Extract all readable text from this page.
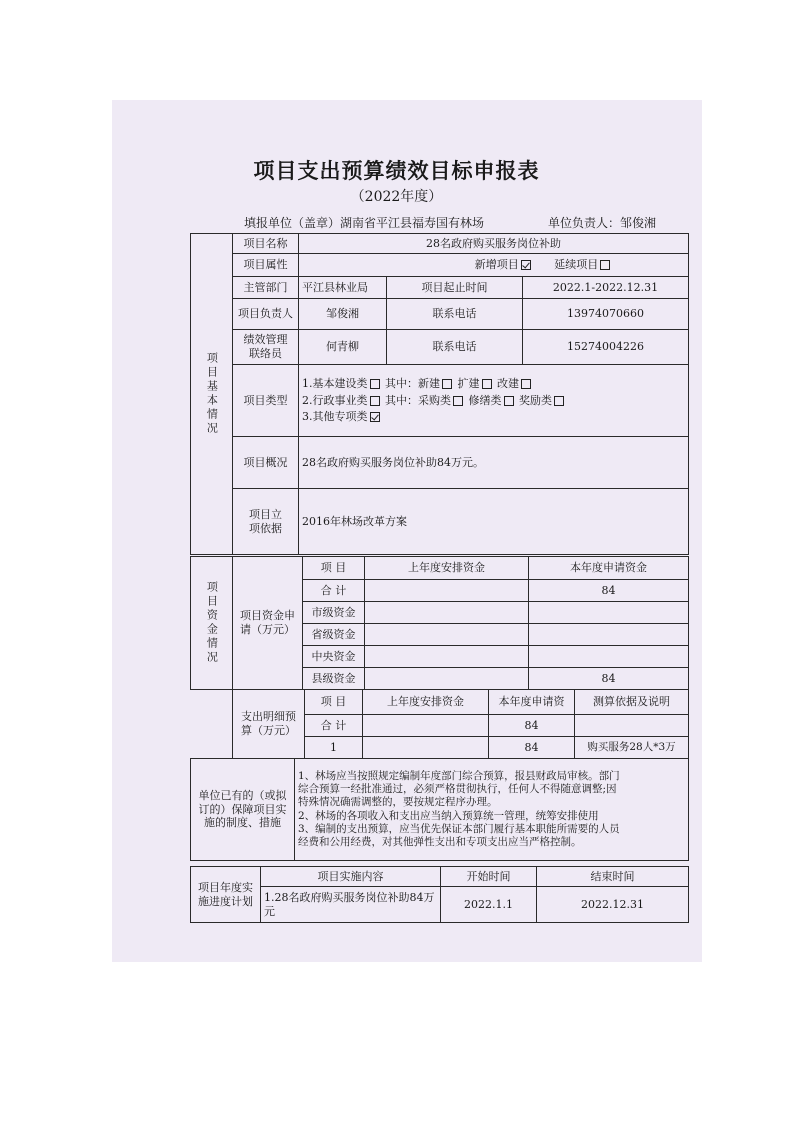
项目支出预算绩效目标申报表
（2022年度）
填报单位（盖章）湖南省平江县福寿国有林场	单位负责人：邹俊湘
项目基本情况	项目名称	28名政府购买服务岗位补助		
	项目属性	新增项目 延续项目		
	主管部门	平江县林业局	项目起止时间	2022.1-2022.12.31
	项目负责人	邹俊湘	联系电话	13974070660
	绩效管理联络员	何青柳	联系电话	15274004226
	项目类型	1.基本建设类 其中：新建 扩建 改建
2.行政事业类 其中：采购类 修缮类 奖励类
3.其他专项类		

	项目概况	28名政府购买服务岗位补助84万元。		
	项目立项依据	2016年林场改革方案		
项目资金情况	项目资金申请（万元）	项 目	上年度安排资金	本年度申请资金
		合 计		84
		市级资金		
		省级资金		
		中央资金		
		县级资金		84
支出明细预算（万元）	项 目	上年度安排资金	本年度申请资	测算依据及说明
	合 计		84	
	1		84	购买服务28人*3万
单位已有的（或拟订的）保障项目实施的制度、措施	
1、林场应当按照规定编制年度部门综合预算，报县财政局审核。部门
综合预算一经批准通过，必须严格贯彻执行，任何人不得随意调整;因
特殊情况确需调整的，要按规定程序办理。
2、林场的各项收入和支出应当纳入预算统一管理，统筹安排使用
3、编制的支出预算，应当优先保证本部门履行基本职能所需要的人员
经费和公用经费，对其他弹性支出和专项支出应当严格控制。
项目年度实施进度计划	项目实施内容	开始时间	结束时间
	1.28名政府购买服务岗位补助84万元	2022.1.1	2022.12.31
